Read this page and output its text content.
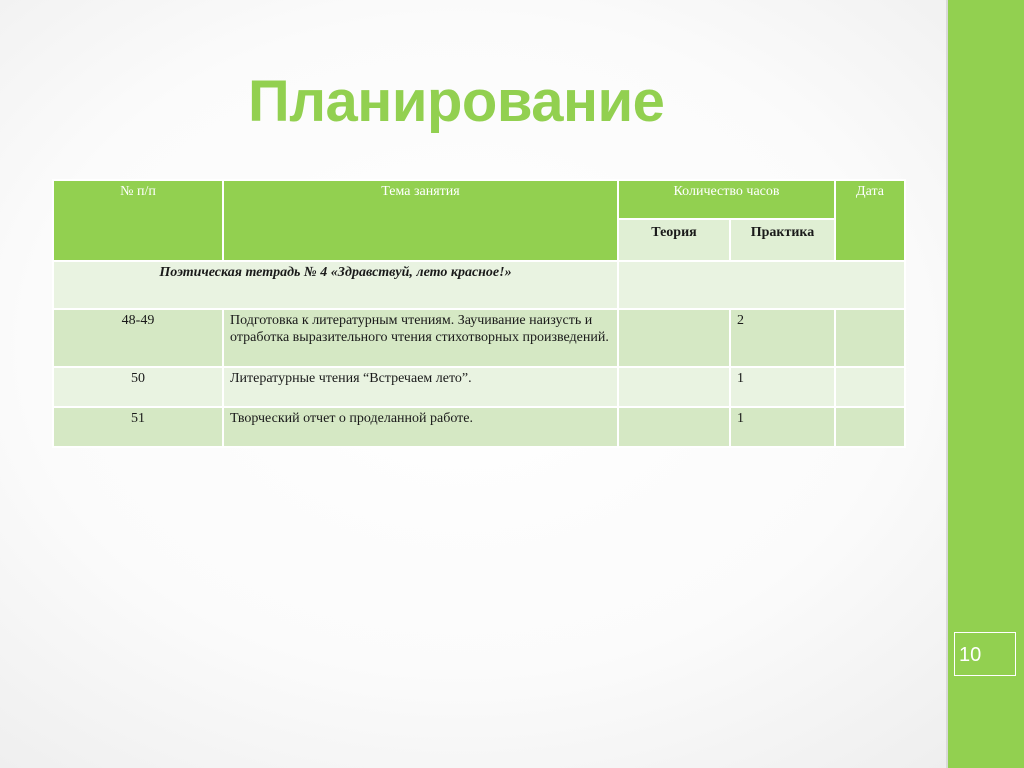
10
Планирование
№ п/п	Тема занятия	Количество часов		Дата
		Теория	Практика	
Поэтическая тетрадь № 4 «Здравствуй, лето красное!»				
48-49	Подготовка к литературным чтениям. Заучивание наизусть и отработка выразительного чтения стихотворных произведений.		2	
50	Литературные чтения “Встречаем лето”.		1	
51	Творческий отчет о проделанной работе.		1	
